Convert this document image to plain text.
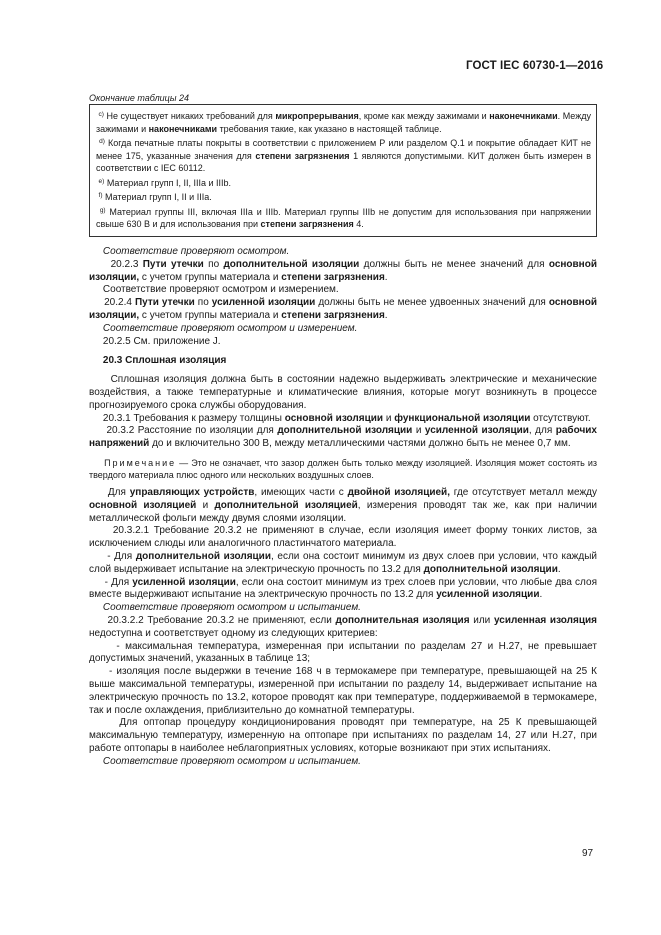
ГОСТ IEC 60730-1—2016
Окончание таблицы 24

$^{c)}$ Не существует никаких требований для микропрерывания, кроме как между зажимами и наконечниками. Между зажимами и наконечниками требования такие, как указано в настоящей таблице.

$^{d)}$ Когда печатные платы покрыты в соответствии с приложением Р или разделом Q.1 и покрытие обладает КИТ не менее 175, указанные значения для степени загрязнения 1 являются допустимыми. КИТ должен быть измерен в соответствии с IEC 60112.

$^{e)}$ Материал групп I, II, IIIa и IIIb.

$^{f)}$ Материал групп I, II и IIIa.

$^{g)}$ Материал группы III, включая IIIa и IIIb. Материал группы IIIb не допустим для использования при напряжении свыше 630 В и для использования при степени загрязнения 4.

Соответствие проверяют осмотром.

20.2.3 Пути утечки по дополнительной изоляции должны быть не менее значений для основной изоляции, с учетом группы материала и степени загрязнения.

Соответствие проверяют осмотром и измерением.

20.2.4 Пути утечки по усиленной изоляции должны быть не менее удвоенных значений для основной изоляции, с учетом группы материала и степени загрязнения.

Соответствие проверяют осмотром и измерением.

20.2.5 См. приложение J.

20.3 Сплошная изоляция

Сплошная изоляция должна быть в состоянии надежно выдерживать электрические и механические воздействия, а также температурные и климатические влияния, которые могут возникнуть в процессе прогнозируемого срока службы оборудования.

20.3.1 Требования к размеру толщины основной изоляции и функциональной изоляции отсутствуют.

20.3.2 Расстояние по изоляции для дополнительной изоляции и усиленной изоляции, для рабочих напряжений до и включительно 300 В, между металлическими частями должно быть не менее 0,7 мм.

Примечание — Это не означает, что зазор должен быть только между изоляцией. Изоляция может состоять из твердого материала плюс одного или нескольких воздушных слоев.

Для управляющих устройств, имеющих части с двойной изоляцией, где отсутствует металл между основной изоляцией и дополнительной изоляцией, измерения проводят так же, как при наличии металлической фольги между двумя слоями изоляции.

20.3.2.1 Требование 20.3.2 не применяют в случае, если изоляция имеет форму тонких листов, за исключением слюды или аналогичного пластинчатого материала.

- Для дополнительной изоляции, если она состоит минимум из двух слоев при условии, что каждый слой выдерживает испытание на электрическую прочность по 13.2 для дополнительной изоляции.

- Для усиленной изоляции, если она состоит минимум из трех слоев при условии, что любые два слоя вместе выдерживают испытание на электрическую прочность по 13.2 для усиленной изоляции.

Соответствие проверяют осмотром и испытанием.

20.3.2.2 Требование 20.3.2 не применяют, если дополнительная изоляция или усиленная изоляция недоступна и соответствует одному из следующих критериев:

- максимальная температура, измеренная при испытании по разделам 27 и Н.27, не превышает допустимых значений, указанных в таблице 13;

- изоляция после выдержки в течение 168 ч в термокамере при температуре, превышающей на 25 К выше максимальной температуры, измеренной при испытании по разделу 14, выдерживает испытание на электрическую прочность по 13.2, которое проводят как при температуре, поддерживаемой в термокамере, так и после охлаждения, приблизительно до комнатной температуры.

Для оптопар процедуру кондиционирования проводят при температуре, на 25 К превышающей максимальную температуру, измеренную на оптопаре при испытаниях по разделам 14, 27 или Н.27, при работе оптопары в наиболее неблагоприятных условиях, которые возникают при этих испытаниях.

Соответствие проверяют осмотром и испытанием.

97
